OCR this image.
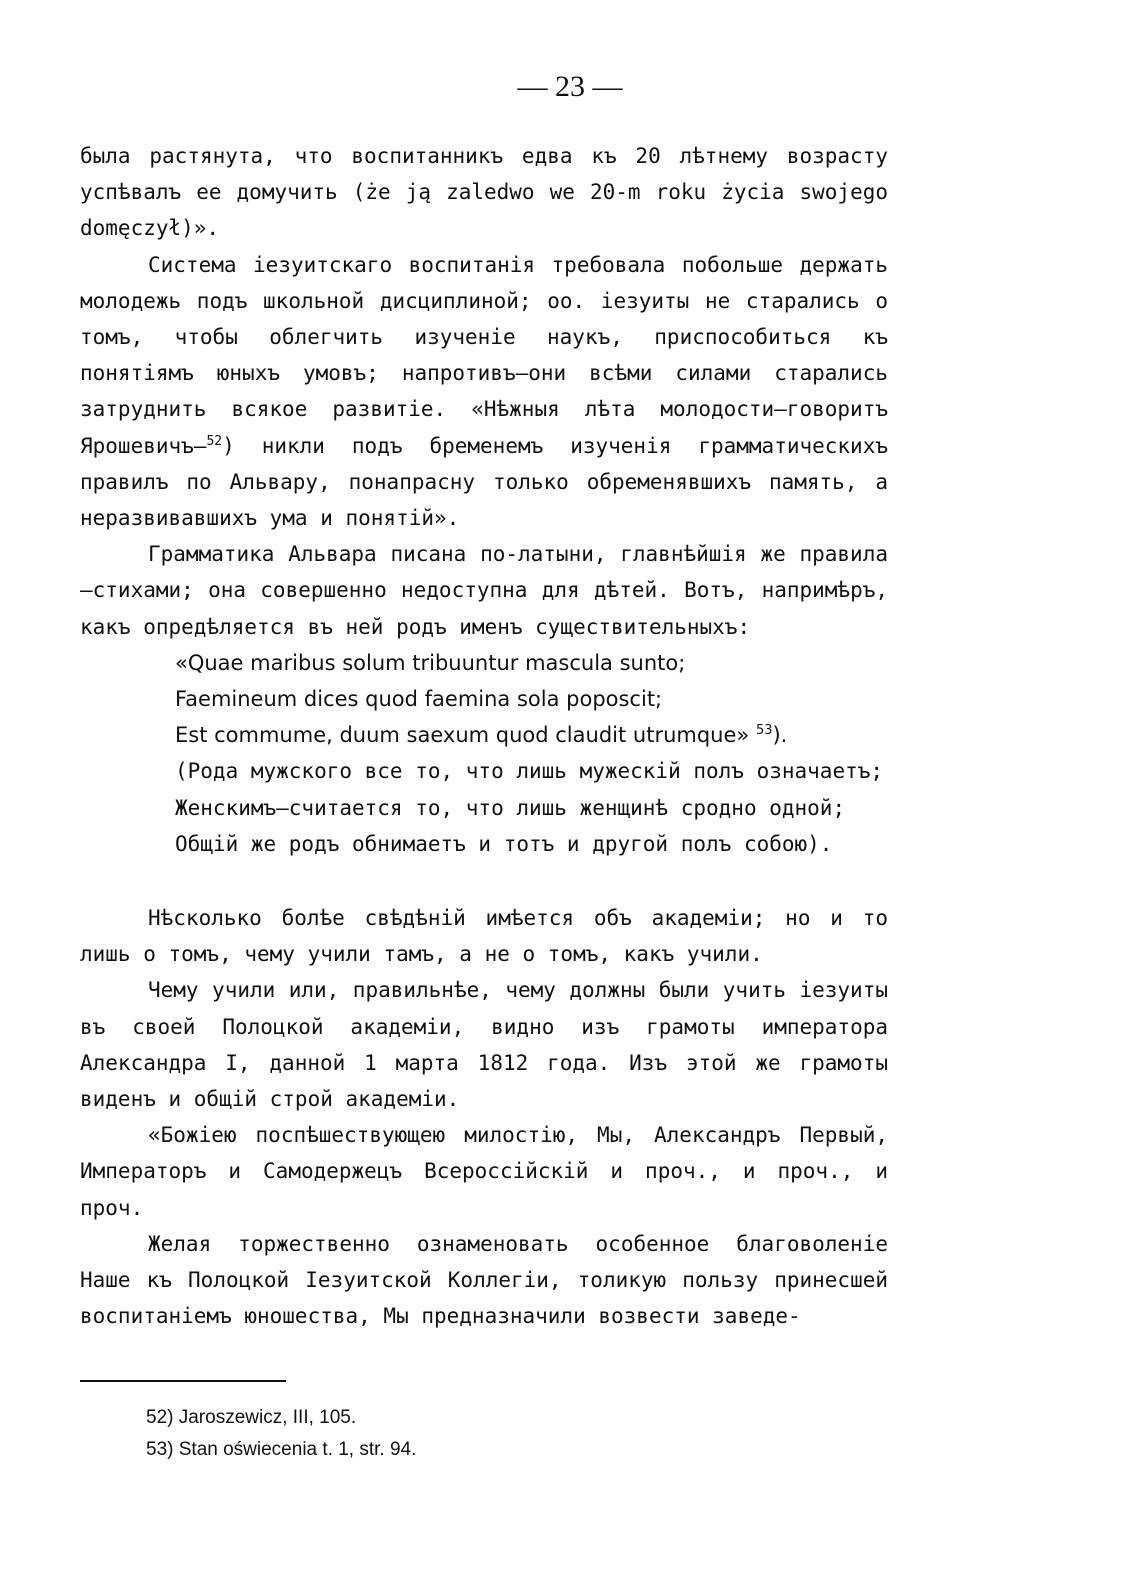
— 23 —

была растянута, что воспитанникъ едва къ 20 лѣтнему возрасту успѣвалъ ее домучить (że ją zaledwo we 20-m roku życia swojego domęczył)».

Система iезуитскаго воспитанiя требовала побольше держать молодежь подъ школьной дисциплиной; оо. iезуиты не старались о томъ, чтобы облегчить изученiе наукъ, приспособиться къ понятiямъ юныхъ умовъ; напротивъ—они всѣми силами старались затруднить всякое развитiе. «Нѣжныя лѣта молодости—говоритъ Ярошевичъ—$^{52}$) никли подъ бременемъ изученiя грамматическихъ правилъ по Альвару, понапрасну только обременявшихъ память, а неразвивавшихъ ума и понятiй».

Грамматика Альвара писана по-латыни, главнѣйшiя же правила—стихами; она совершенно недоступна для дѣтей. Вотъ, напримѣръ, какъ опредѣляется въ ней родъ именъ существительныхъ:

«Quae maribus solum tribuuntur mascula sunto;
Faemineum dices quod faemina sola poposcit;
Est commume, duum saexum quod claudit utrumque» $^{53}$).
(Рода мужского все то, что лишь мужескiй полъ означаетъ;
Женскимъ—считается то, что лишь женщинѣ сродно одной;
Общiй же родъ обнимаетъ и тотъ и другой полъ собою).

Нѣсколько болѣе свѣдѣнiй имѣется объ академiи; но и то лишь о томъ, чему учили тамъ, а не о томъ, какъ учили.

Чему учили или, правильнѣе, чему должны были учить iезуиты въ своей Полоцкой академiи, видно изъ грамоты императора Александра I, данной 1 марта 1812 года. Изъ этой же грамоты виденъ и общiй строй академiи.

«Божiею поспѣшествующею милостiю, Мы, Александръ Первый, Императоръ и Самодержецъ Всероссiйскiй и проч., и проч., и проч.

Желая торжественно ознаменовать особенное благоволенiе Наше къ Полоцкой Iезуитской Коллегiи, толикую пользу принесшей воспитанiемъ юношества, Мы предназначили возвести заведе-

52) Jaroszewicz, III, 105.
53) Stan oświecenia t. 1, str. 94.
